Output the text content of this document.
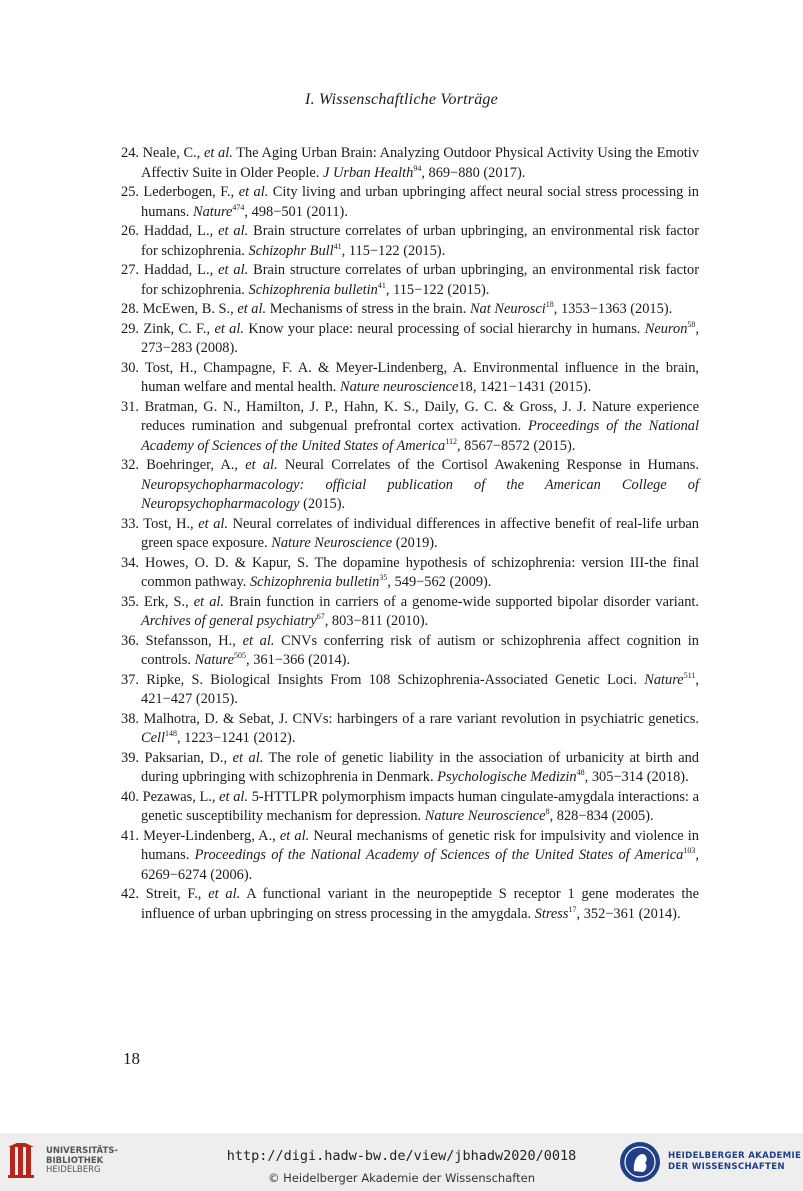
I. Wissenschaftliche Vorträge
24. Neale, C., et al. The Aging Urban Brain: Analyzing Outdoor Physical Activity Using the Emotiv Affectiv Suite in Older People. J Urban Health$^{94}$, 869−880 (2017).
25. Lederbogen, F., et al. City living and urban upbringing affect neural social stress processing in humans. Nature$^{474}$, 498−501 (2011).
26. Haddad, L., et al. Brain structure correlates of urban upbringing, an environmental risk factor for schizophrenia. Schizophr Bull$^{41}$, 115−122 (2015).
27. Haddad, L., et al. Brain structure correlates of urban upbringing, an environmental risk factor for schizophrenia. Schizophrenia bulletin$^{41}$, 115−122 (2015).
28. McEwen, B. S., et al. Mechanisms of stress in the brain. Nat Neurosci$^{18}$, 1353−1363 (2015).
29. Zink, C. F., et al. Know your place: neural processing of social hierarchy in humans. Neuron$^{58}$, 273−283 (2008).
30. Tost, H., Champagne, F. A. & Meyer-Lindenberg, A. Environmental influence in the brain, human welfare and mental health. Nature neuroscience18, 1421−1431 (2015).
31. Bratman, G. N., Hamilton, J. P., Hahn, K. S., Daily, G. C. & Gross, J. J. Nature experience reduces rumination and subgenual prefrontal cortex activation. Proceedings of the National Academy of Sciences of the United States of America$^{112}$, 8567−8572 (2015).
32. Boehringer, A., et al. Neural Correlates of the Cortisol Awakening Response in Humans. Neuropsychopharmacology: official publication of the American College of Neuropsychopharmacology (2015).
33. Tost, H., et al. Neural correlates of individual differences in affective benefit of real-life urban green space exposure. Nature Neuroscience (2019).
34. Howes, O. D. & Kapur, S. The dopamine hypothesis of schizophrenia: version III-the final common pathway. Schizophrenia bulletin$^{35}$, 549−562 (2009).
35. Erk, S., et al. Brain function in carriers of a genome-wide supported bipolar disorder variant. Archives of general psychiatry$^{67}$, 803−811 (2010).
36. Stefansson, H., et al. CNVs conferring risk of autism or schizophrenia affect cognition in controls. Nature$^{505}$, 361−366 (2014).
37. Ripke, S. Biological Insights From 108 Schizophrenia-Associated Genetic Loci. Nature$^{511}$, 421−427 (2015).
38. Malhotra, D. & Sebat, J. CNVs: harbingers of a rare variant revolution in psychiatric genetics. Cell$^{148}$, 1223−1241 (2012).
39. Paksarian, D., et al. The role of genetic liability in the association of urbanicity at birth and during upbringing with schizophrenia in Denmark. Psychologische Medizin$^{48}$, 305−314 (2018).
40. Pezawas, L., et al. 5-HTTLPR polymorphism impacts human cingulate-amygdala interactions: a genetic susceptibility mechanism for depression. Nature Neuroscience$^8$, 828−834 (2005).
41. Meyer-Lindenberg, A., et al. Neural mechanisms of genetic risk for impulsivity and violence in humans. Proceedings of the National Academy of Sciences of the United States of America$^{103}$, 6269−6274 (2006).
42. Streit, F., et al. A functional variant in the neuropeptide S receptor 1 gene moderates the influence of urban upbringing on stress processing in the amygdala. Stress$^{17}$, 352−361 (2014).
18
UNIVERSITÄTS-
BIBLIOTHEK
HEIDELBERG
http://digi.hadw-bw.de/view/jbhadw2020/0018
© Heidelberger Akademie der Wissenschaften
HEIDELBERGER AKADEMIE
DER WISSENSCHAFTEN
